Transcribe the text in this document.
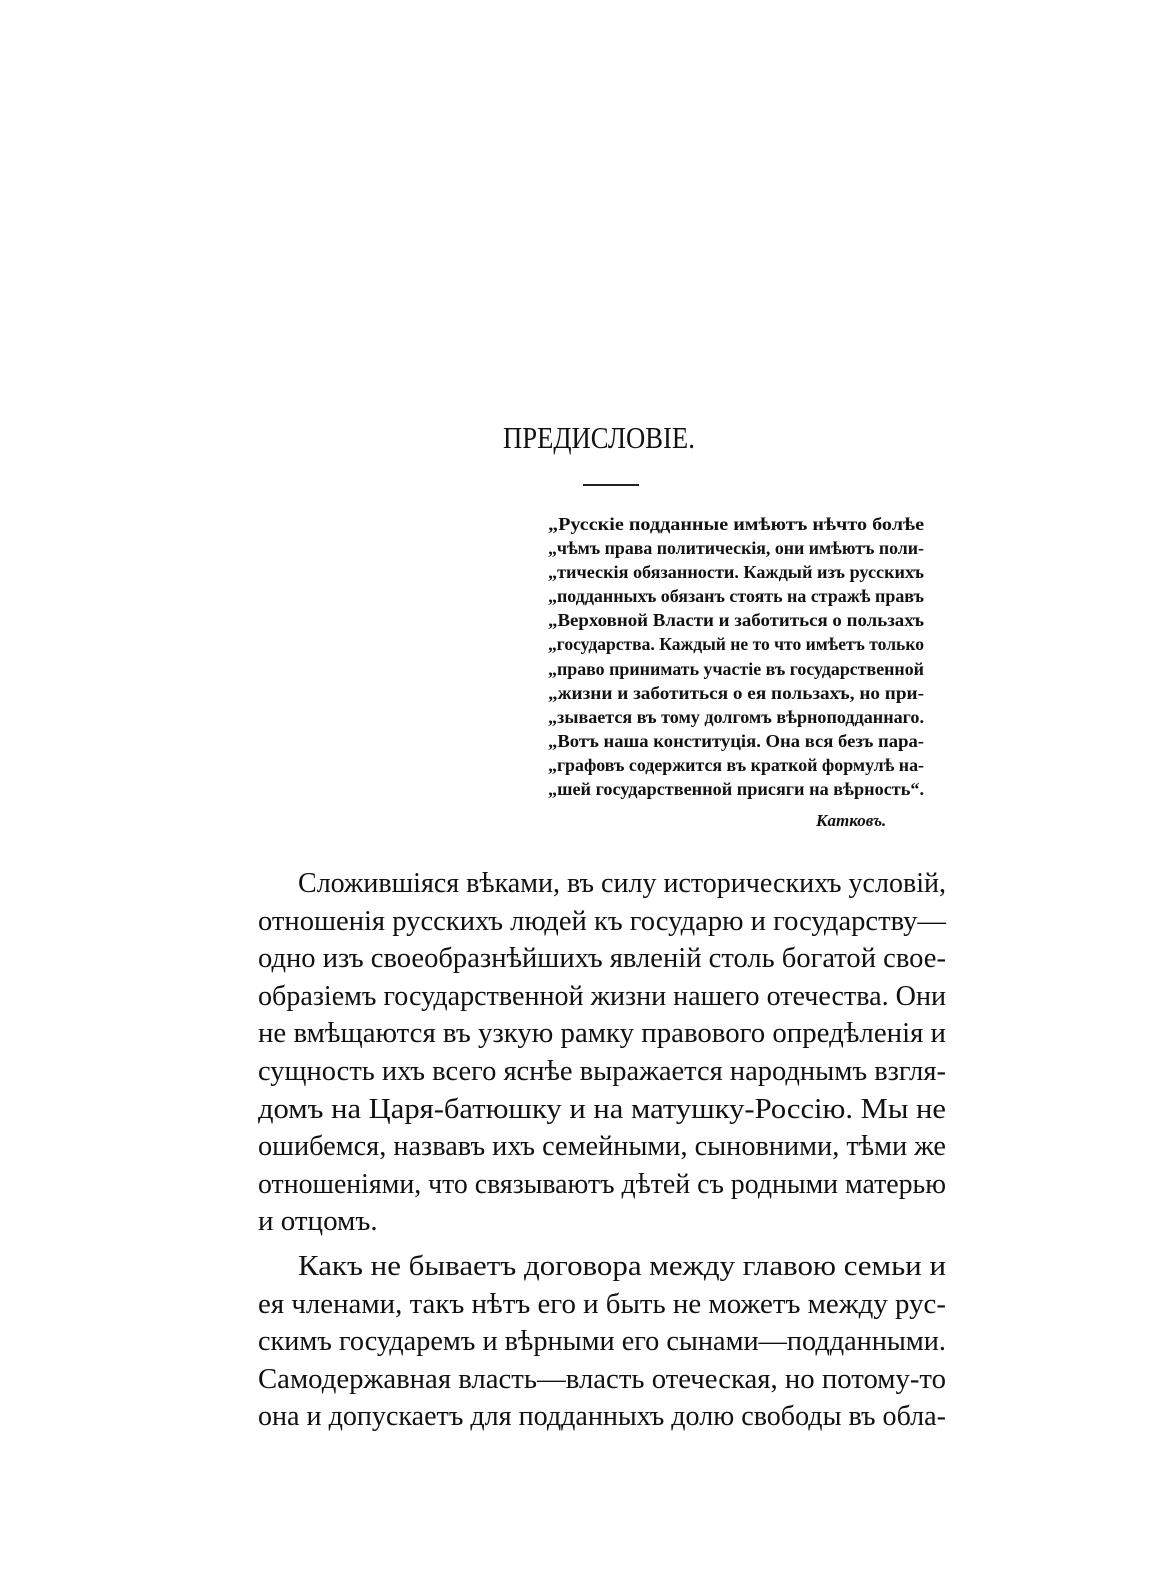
ПРЕДИСЛОВІЕ.
„Русскіе подданные имѣютъ нѣчто болѣе
„чѣмъ права политическія, они имѣютъ поли-
„тическія обязанности. Каждый изъ русскихъ
„подданныхъ обязанъ стоять на стражѣ правъ
„Верховной Власти и заботиться о пользахъ
„государства. Каждый не то что имѣетъ только
„право принимать участіе въ государственной
„жизни и заботиться о ея пользахъ, но при-
„зывается въ тому долгомъ вѣрноподданнаго.
„Вотъ наша конституція. Она вся безъ пара-
„графовъ содержится въ краткой формулѣ на-
„шей государственной присяги на вѣрность“.
Катковъ.
Сложившіяся вѣками, въ силу историческихъ условій,
отношенія русскихъ людей къ государю и государству—
одно изъ своеобразнѣйшихъ явленій столь богатой свое-
образіемъ государственной жизни нашего отечества. Они
не вмѣщаются въ узкую рамку правового опредѣленія и
сущность ихъ всего яснѣе выражается народнымъ взгля-
домъ на Царя-батюшку и на матушку-Россію. Мы не
ошибемся, назвавъ ихъ семейными, сыновними, тѣми же
отношеніями, что связываютъ дѣтей съ родными матерью
и отцомъ.
Какъ не бываетъ договора между главою семьи и
ея членами, такъ нѣтъ его и быть не можетъ между рус-
скимъ государемъ и вѣрными его сынами—подданными.
Самодержавная власть—власть отеческая, но потому-то
она и допускаетъ для подданныхъ долю свободы въ обла-
